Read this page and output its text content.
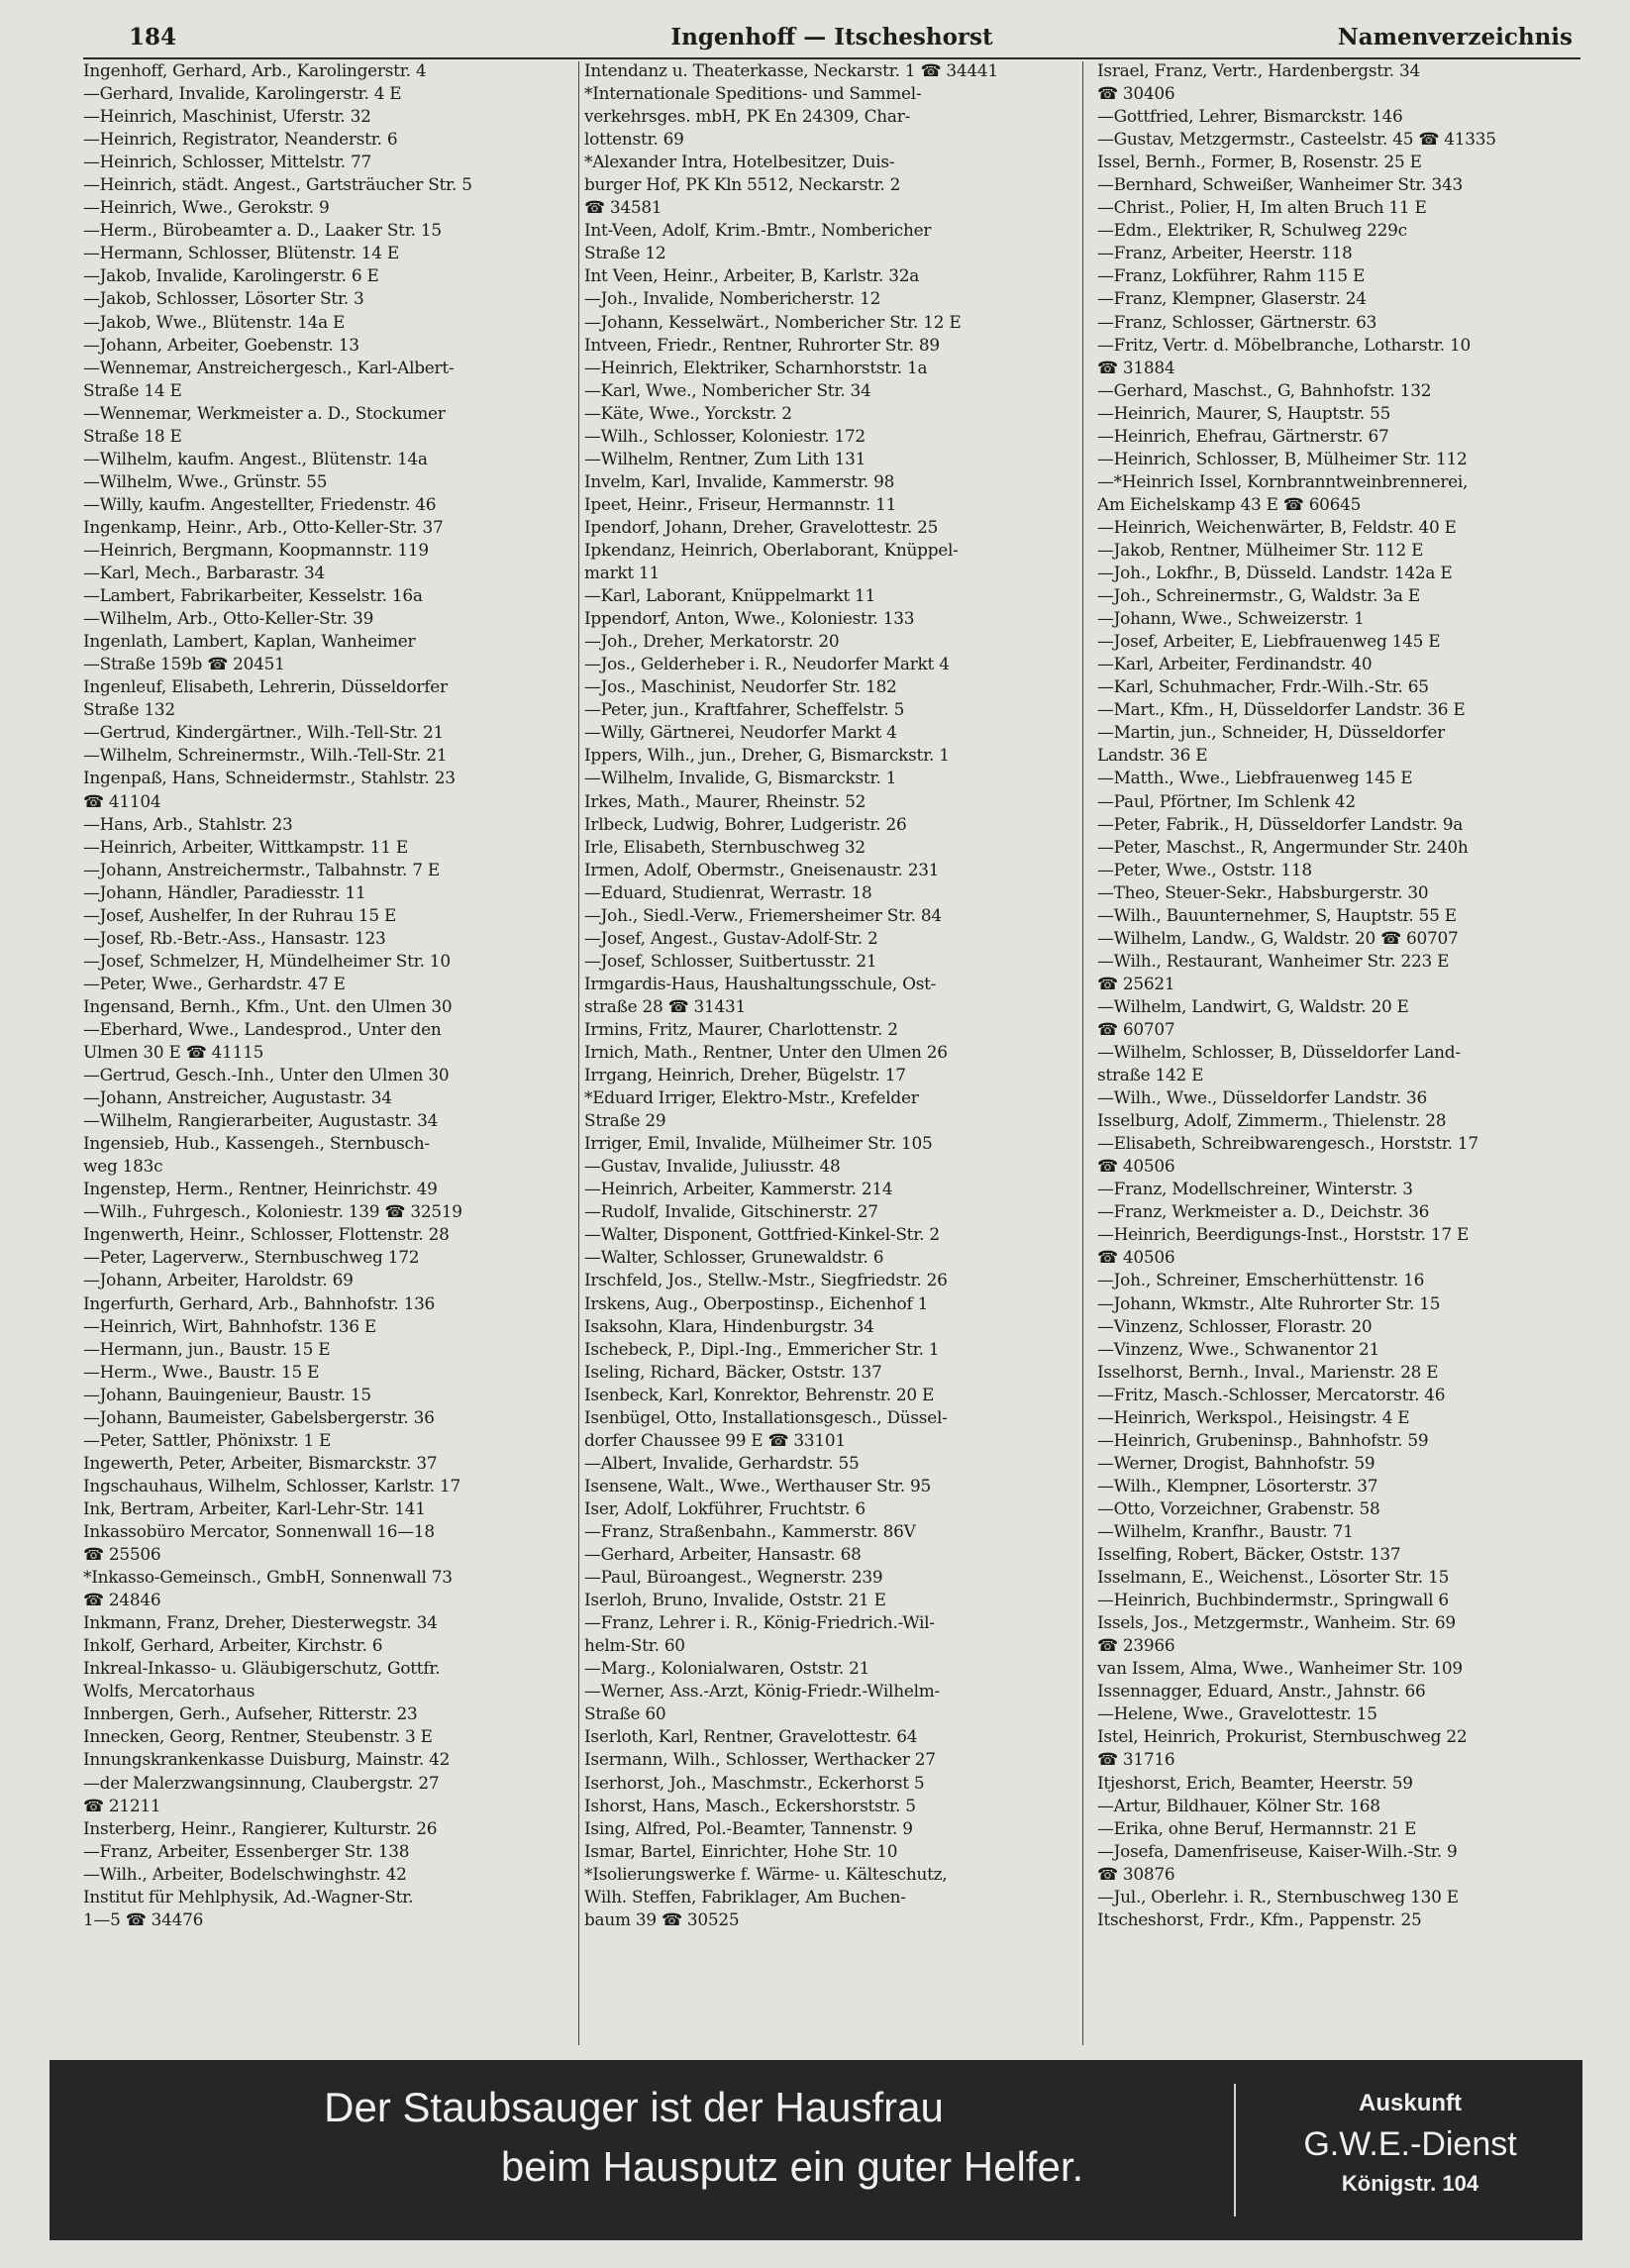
184	Ingenhoff — Itscheshorst	Namenverzeichnis
Ingenhoff, Gerhard, Arb., Karolingerstr. 4
—Gerhard, Invalide, Karolingerstr. 4 E
—Heinrich, Maschinist, Uferstr. 32
—Heinrich, Registrator, Neanderstr. 6
—Heinrich, Schlosser, Mittelstr. 77
—Heinrich, städt. Angest., Gartsträucher Str. 5
—Heinrich, Wwe., Gerokstr. 9
—Herm., Bürobeamter a. D., Laaker Str. 15
—Hermann, Schlosser, Blütenstr. 14 E
—Jakob, Invalide, Karolingerstr. 6 E
—Jakob, Schlosser, Lösorter Str. 3
—Jakob, Wwe., Blütenstr. 14a E
—Johann, Arbeiter, Goebenstr. 13
—Wennemar, Anstreichergesch., Karl-Albert-
Straße 14 E
—Wennemar, Werkmeister a. D., Stockumer
Straße 18 E
—Wilhelm, kaufm. Angest., Blütenstr. 14a
—Wilhelm, Wwe., Grünstr. 55
—Willy, kaufm. Angestellter, Friedenstr. 46
Ingenkamp, Heinr., Arb., Otto-Keller-Str. 37
—Heinrich, Bergmann, Koopmannstr. 119
—Karl, Mech., Barbarastr. 34
—Lambert, Fabrikarbeiter, Kesselstr. 16a
—Wilhelm, Arb., Otto-Keller-Str. 39
Ingenlath, Lambert, Kaplan, Wanheimer
—Straße 159b ☎ 20451
Ingenleuf, Elisabeth, Lehrerin, Düsseldorfer
Straße 132
—Gertrud, Kindergärtner., Wilh.-Tell-Str. 21
—Wilhelm, Schreinermstr., Wilh.-Tell-Str. 21
Ingenpaß, Hans, Schneidermstr., Stahlstr. 23
☎ 41104
—Hans, Arb., Stahlstr. 23
—Heinrich, Arbeiter, Wittkampstr. 11 E
—Johann, Anstreichermstr., Talbahnstr. 7 E
—Johann, Händler, Paradiesstr. 11
—Josef, Aushelfer, In der Ruhrau 15 E
—Josef, Rb.-Betr.-Ass., Hansastr. 123
—Josef, Schmelzer, H, Mündelheimer Str. 10
—Peter, Wwe., Gerhardstr. 47 E
Ingensand, Bernh., Kfm., Unt. den Ulmen 30
—Eberhard, Wwe., Landesprod., Unter den
Ulmen 30 E ☎ 41115
—Gertrud, Gesch.-Inh., Unter den Ulmen 30
—Johann, Anstreicher, Augustastr. 34
—Wilhelm, Rangierarbeiter, Augustastr. 34
Ingensieb, Hub., Kassengeh., Sternbusch-
weg 183c
Ingenstep, Herm., Rentner, Heinrichstr. 49
—Wilh., Fuhrgesch., Koloniestr. 139 ☎ 32519
Ingenwerth, Heinr., Schlosser, Flottenstr. 28
—Peter, Lagerverw., Sternbuschweg 172
—Johann, Arbeiter, Haroldstr. 69
Ingerfurth, Gerhard, Arb., Bahnhofstr. 136
—Heinrich, Wirt, Bahnhofstr. 136 E
—Hermann, jun., Baustr. 15 E
—Herm., Wwe., Baustr. 15 E
—Johann, Bauingenieur, Baustr. 15
—Johann, Baumeister, Gabelsbergerstr. 36
—Peter, Sattler, Phönixstr. 1 E
Ingewerth, Peter, Arbeiter, Bismarckstr. 37
Ingschauhaus, Wilhelm, Schlosser, Karlstr. 17
Ink, Bertram, Arbeiter, Karl-Lehr-Str. 141
Inkassobüro Mercator, Sonnenwall 16—18
☎ 25506
*Inkasso-Gemeinsch., GmbH, Sonnenwall 73
☎ 24846
Inkmann, Franz, Dreher, Diesterwegstr. 34
Inkolf, Gerhard, Arbeiter, Kirchstr. 6
Inkreal-Inkasso- u. Gläubigerschutz, Gottfr.
Wolfs, Mercatorhaus
Innbergen, Gerh., Aufseher, Ritterstr. 23
Innecken, Georg, Rentner, Steubenstr. 3 E
Innungskrankenkasse Duisburg, Mainstr. 42
—der Malerzwangsinnung, Claubergstr. 27
☎ 21211
Insterberg, Heinr., Rangierer, Kulturstr. 26
—Franz, Arbeiter, Essenberger Str. 138
—Wilh., Arbeiter, Bodelschwinghstr. 42
Institut für Mehlphysik, Ad.-Wagner-Str.
1—5 ☎ 34476
Intendanz u. Theaterkasse, Neckarstr. 1 ☎ 34441
*Internationale Speditions- und Sammel-
verkehrsges. mbH, PK En 24309, Char-
lottenstr. 69
*Alexander Intra, Hotelbesitzer, Duis-
burger Hof, PK Kln 5512, Neckarstr. 2
☎ 34581
Int-Veen, Adolf, Krim.-Bmtr., Nombericher
Straße 12
Int Veen, Heinr., Arbeiter, B, Karlstr. 32a
—Joh., Invalide, Nombericherstr. 12
—Johann, Kesselwärt., Nombericher Str. 12 E
Intveen, Friedr., Rentner, Ruhrorter Str. 89
—Heinrich, Elektriker, Scharnhorststr. 1a
—Karl, Wwe., Nombericher Str. 34
—Käte, Wwe., Yorckstr. 2
—Wilh., Schlosser, Koloniestr. 172
—Wilhelm, Rentner, Zum Lith 131
Invelm, Karl, Invalide, Kammerstr. 98
Ipeet, Heinr., Friseur, Hermannstr. 11
Ipendorf, Johann, Dreher, Gravelottestr. 25
Ipkendanz, Heinrich, Oberlaborant, Knüppel-
markt 11
—Karl, Laborant, Knüppelmarkt 11
Ippendorf, Anton, Wwe., Koloniestr. 133
—Joh., Dreher, Merkatorstr. 20
—Jos., Gelderheber i. R., Neudorfer Markt 4
—Jos., Maschinist, Neudorfer Str. 182
—Peter, jun., Kraftfahrer, Scheffelstr. 5
—Willy, Gärtnerei, Neudorfer Markt 4
Ippers, Wilh., jun., Dreher, G, Bismarckstr. 1
—Wilhelm, Invalide, G, Bismarckstr. 1
Irkes, Math., Maurer, Rheinstr. 52
Irlbeck, Ludwig, Bohrer, Ludgeristr. 26
Irle, Elisabeth, Sternbuschweg 32
Irmen, Adolf, Obermstr., Gneisenaustr. 231
—Eduard, Studienrat, Werrastr. 18
—Joh., Siedl.-Verw., Friemersheimer Str. 84
—Josef, Angest., Gustav-Adolf-Str. 2
—Josef, Schlosser, Suitbertusstr. 21
Irmgardis-Haus, Haushaltungsschule, Ost-
straße 28 ☎ 31431
Irmins, Fritz, Maurer, Charlottenstr. 2
Irnich, Math., Rentner, Unter den Ulmen 26
Irrgang, Heinrich, Dreher, Bügelstr. 17
*Eduard Irriger, Elektro-Mstr., Krefelder
Straße 29
Irriger, Emil, Invalide, Mülheimer Str. 105
—Gustav, Invalide, Juliusstr. 48
—Heinrich, Arbeiter, Kammerstr. 214
—Rudolf, Invalide, Gitschinerstr. 27
—Walter, Disponent, Gottfried-Kinkel-Str. 2
—Walter, Schlosser, Grunewaldstr. 6
Irschfeld, Jos., Stellw.-Mstr., Siegfriedstr. 26
Irskens, Aug., Oberpostinsp., Eichenhof 1
Isaksohn, Klara, Hindenburgstr. 34
Ischebeck, P., Dipl.-Ing., Emmericher Str. 1
Iseling, Richard, Bäcker, Oststr. 137
Isenbeck, Karl, Konrektor, Behrenstr. 20 E
Isenbügel, Otto, Installationsgesch., Düssel-
dorfer Chaussee 99 E ☎ 33101
—Albert, Invalide, Gerhardstr. 55
Isensene, Walt., Wwe., Werthauser Str. 95
Iser, Adolf, Lokführer, Fruchtstr. 6
—Franz, Straßenbahn., Kammerstr. 86V
—Gerhard, Arbeiter, Hansastr. 68
—Paul, Büroangest., Wegnerstr. 239
Iserloh, Bruno, Invalide, Oststr. 21 E
—Franz, Lehrer i. R., König-Friedrich.-Wil-
helm-Str. 60
—Marg., Kolonialwaren, Oststr. 21
—Werner, Ass.-Arzt, König-Friedr.-Wilhelm-
Straße 60
Iserloth, Karl, Rentner, Gravelottestr. 64
Isermann, Wilh., Schlosser, Werthacker 27
Iserhorst, Joh., Maschmstr., Eckerhorst 5
Ishorst, Hans, Masch., Eckershorststr. 5
Ising, Alfred, Pol.-Beamter, Tannenstr. 9
Ismar, Bartel, Einrichter, Hohe Str. 10
*Isolierungswerke f. Wärme- u. Kälteschutz,
Wilh. Steffen, Fabriklager, Am Buchen-
baum 39 ☎ 30525
Israel, Franz, Vertr., Hardenbergstr. 34
☎ 30406
—Gottfried, Lehrer, Bismarckstr. 146
—Gustav, Metzgermstr., Casteelstr. 45 ☎ 41335
Issel, Bernh., Former, B, Rosenstr. 25 E
—Bernhard, Schweißer, Wanheimer Str. 343
—Christ., Polier, H, Im alten Bruch 11 E
—Edm., Elektriker, R, Schulweg 229c
—Franz, Arbeiter, Heerstr. 118
—Franz, Lokführer, Rahm 115 E
—Franz, Klempner, Glaserstr. 24
—Franz, Schlosser, Gärtnerstr. 63
—Fritz, Vertr. d. Möbelbranche, Lotharstr. 10
☎ 31884
—Gerhard, Maschst., G, Bahnhofstr. 132
—Heinrich, Maurer, S, Hauptstr. 55
—Heinrich, Ehefrau, Gärtnerstr. 67
—Heinrich, Schlosser, B, Mülheimer Str. 112
—*Heinrich Issel, Kornbranntweinbrennerei,
Am Eichelskamp 43 E ☎ 60645
—Heinrich, Weichenwärter, B, Feldstr. 40 E
—Jakob, Rentner, Mülheimer Str. 112 E
—Joh., Lokfhr., B, Düsseld. Landstr. 142a E
—Joh., Schreinermstr., G, Waldstr. 3a E
—Johann, Wwe., Schweizerstr. 1
—Josef, Arbeiter, E, Liebfrauenweg 145 E
—Karl, Arbeiter, Ferdinandstr. 40
—Karl, Schuhmacher, Frdr.-Wilh.-Str. 65
—Mart., Kfm., H, Düsseldorfer Landstr. 36 E
—Martin, jun., Schneider, H, Düsseldorfer
Landstr. 36 E
—Matth., Wwe., Liebfrauenweg 145 E
—Paul, Pförtner, Im Schlenk 42
—Peter, Fabrik., H, Düsseldorfer Landstr. 9a
—Peter, Maschst., R, Angermunder Str. 240h
—Peter, Wwe., Oststr. 118
—Theo, Steuer-Sekr., Habsburgerstr. 30
—Wilh., Bauunternehmer, S, Hauptstr. 55 E
—Wilhelm, Landw., G, Waldstr. 20 ☎ 60707
—Wilh., Restaurant, Wanheimer Str. 223 E
☎ 25621
—Wilhelm, Landwirt, G, Waldstr. 20 E
☎ 60707
—Wilhelm, Schlosser, B, Düsseldorfer Land-
straße 142 E
—Wilh., Wwe., Düsseldorfer Landstr. 36
Isselburg, Adolf, Zimmerm., Thielenstr. 28
—Elisabeth, Schreibwarengesch., Horststr. 17
☎ 40506
—Franz, Modellschreiner, Winterstr. 3
—Franz, Werkmeister a. D., Deichstr. 36
—Heinrich, Beerdigungs-Inst., Horststr. 17 E
☎ 40506
—Joh., Schreiner, Emscherhüttenstr. 16
—Johann, Wkmstr., Alte Ruhrorter Str. 15
—Vinzenz, Schlosser, Florastr. 20
—Vinzenz, Wwe., Schwanentor 21
Isselhorst, Bernh., Inval., Marienstr. 28 E
—Fritz, Masch.-Schlosser, Mercatorstr. 46
—Heinrich, Werkspol., Heisingstr. 4 E
—Heinrich, Grubeninsp., Bahnhofstr. 59
—Werner, Drogist, Bahnhofstr. 59
—Wilh., Klempner, Lösorterstr. 37
—Otto, Vorzeichner, Grabenstr. 58
—Wilhelm, Kranfhr., Baustr. 71
Isselfing, Robert, Bäcker, Oststr. 137
Isselmann, E., Weichenst., Lösorter Str. 15
—Heinrich, Buchbindermstr., Springwall 6
Issels, Jos., Metzgermstr., Wanheim. Str. 69
☎ 23966
van Issem, Alma, Wwe., Wanheimer Str. 109
Issennagger, Eduard, Anstr., Jahnstr. 66
—Helene, Wwe., Gravelottestr. 15
Istel, Heinrich, Prokurist, Sternbuschweg 22
☎ 31716
Itjeshorst, Erich, Beamter, Heerstr. 59
—Artur, Bildhauer, Kölner Str. 168
—Erika, ohne Beruf, Hermannstr. 21 E
—Josefa, Damenfriseuse, Kaiser-Wilh.-Str. 9
☎ 30876
—Jul., Oberlehr. i. R., Sternbuschweg 130 E
Itscheshorst, Frdr., Kfm., Pappenstr. 25
Der Staubsauger ist der Hausfrau
beim Hausputz ein guter Helfer.
Auskunft
G.W.E.-Dienst
Königstr. 104
